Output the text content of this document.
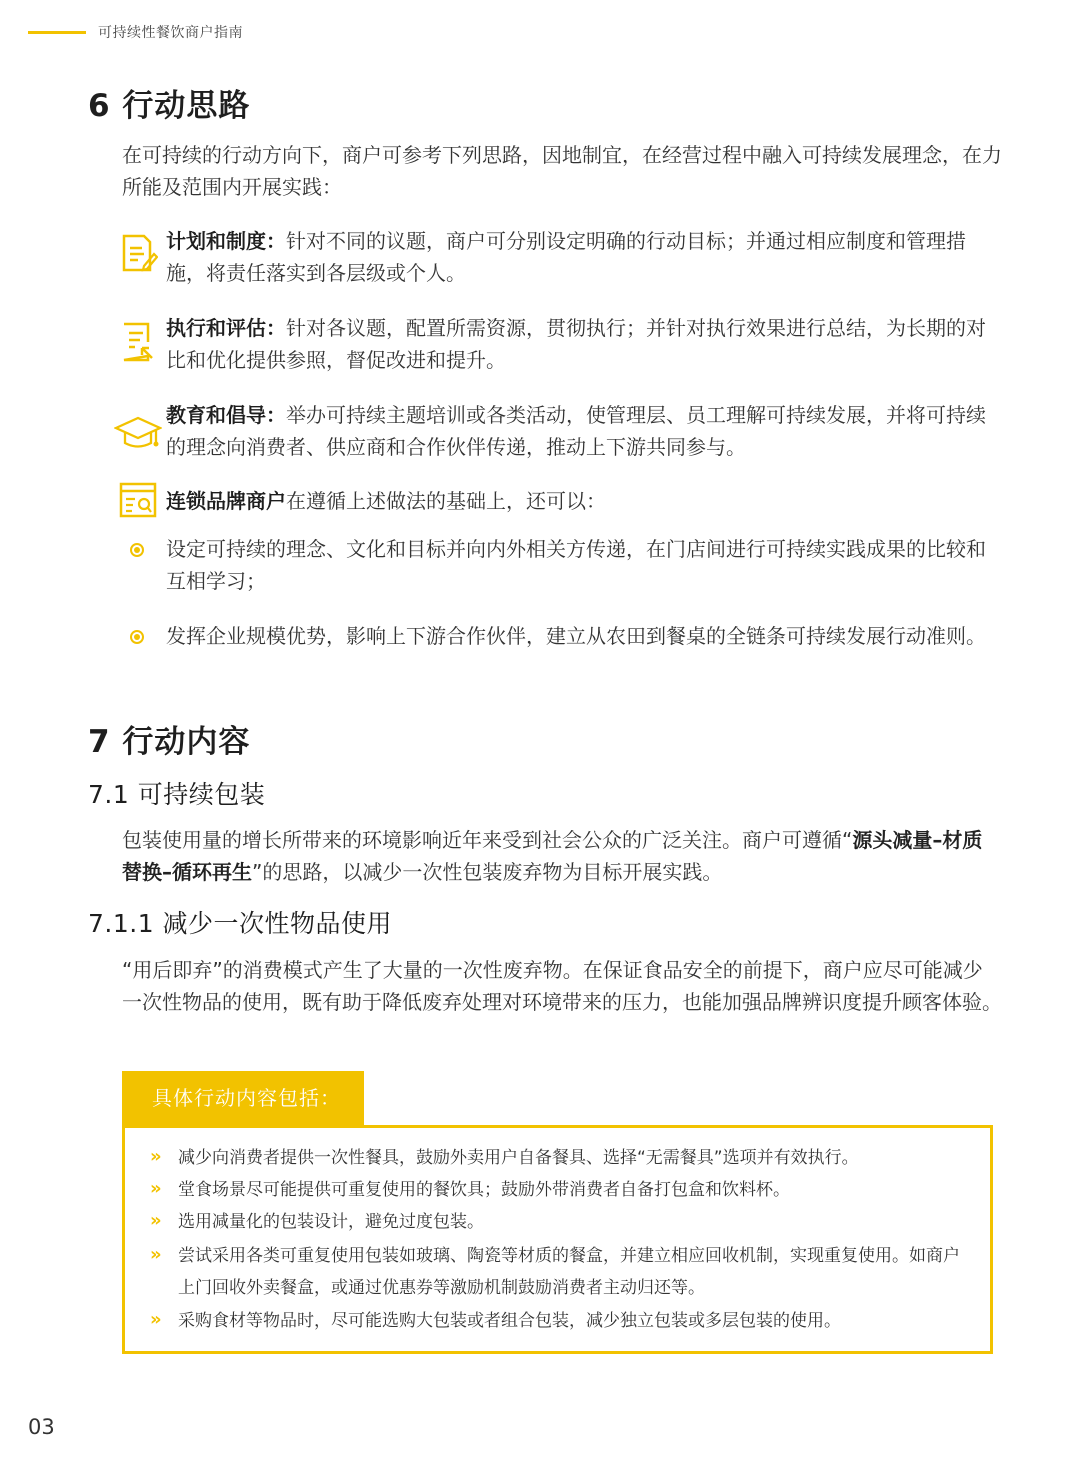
可持续性餐饮商户指南
6 行动思路
在可持续的行动方向下，商户可参考下列思路，因地制宜，在经营过程中融入可持续发展理念，在力所能及范围内开展实践：
计划和制度：针对不同的议题，商户可分别设定明确的行动目标；并通过相应制度和管理措施，将责任落实到各层级或个人。
执行和评估：针对各议题，配置所需资源，贯彻执行；并针对执行效果进行总结，为长期的对比和优化提供参照，督促改进和提升。
教育和倡导：举办可持续主题培训或各类活动，使管理层、员工理解可持续发展，并将可持续的理念向消费者、供应商和合作伙伴传递，推动上下游共同参与。
连锁品牌商户在遵循上述做法的基础上，还可以：
设定可持续的理念、文化和目标并向内外相关方传递，在门店间进行可持续实践成果的比较和互相学习；
发挥企业规模优势，影响上下游合作伙伴，建立从农田到餐桌的全链条可持续发展行动准则。
7 行动内容
7.1 可持续包装
包装使用量的增长所带来的环境影响近年来受到社会公众的广泛关注。商户可遵循“源头减量–材质替换–循环再生”的思路，以减少一次性包装废弃物为目标开展实践。
7.1.1 减少一次性物品使用
“用后即弃”的消费模式产生了大量的一次性废弃物。在保证食品安全的前提下，商户应尽可能减少一次性物品的使用，既有助于降低废弃处理对环境带来的压力，也能加强品牌辨识度提升顾客体验。
具体行动内容包括：
» 减少向消费者提供一次性餐具，鼓励外卖用户自备餐具、选择“无需餐具”选项并有效执行。
» 堂食场景尽可能提供可重复使用的餐饮具；鼓励外带消费者自备打包盒和饮料杯。
» 选用减量化的包装设计，避免过度包装。
» 尝试采用各类可重复使用包装如玻璃、陶瓷等材质的餐盒，并建立相应回收机制，实现重复使用。如商户上门回收外卖餐盒，或通过优惠券等激励机制鼓励消费者主动归还等。
» 采购食材等物品时，尽可能选购大包装或者组合包装，减少独立包装或多层包装的使用。
03
